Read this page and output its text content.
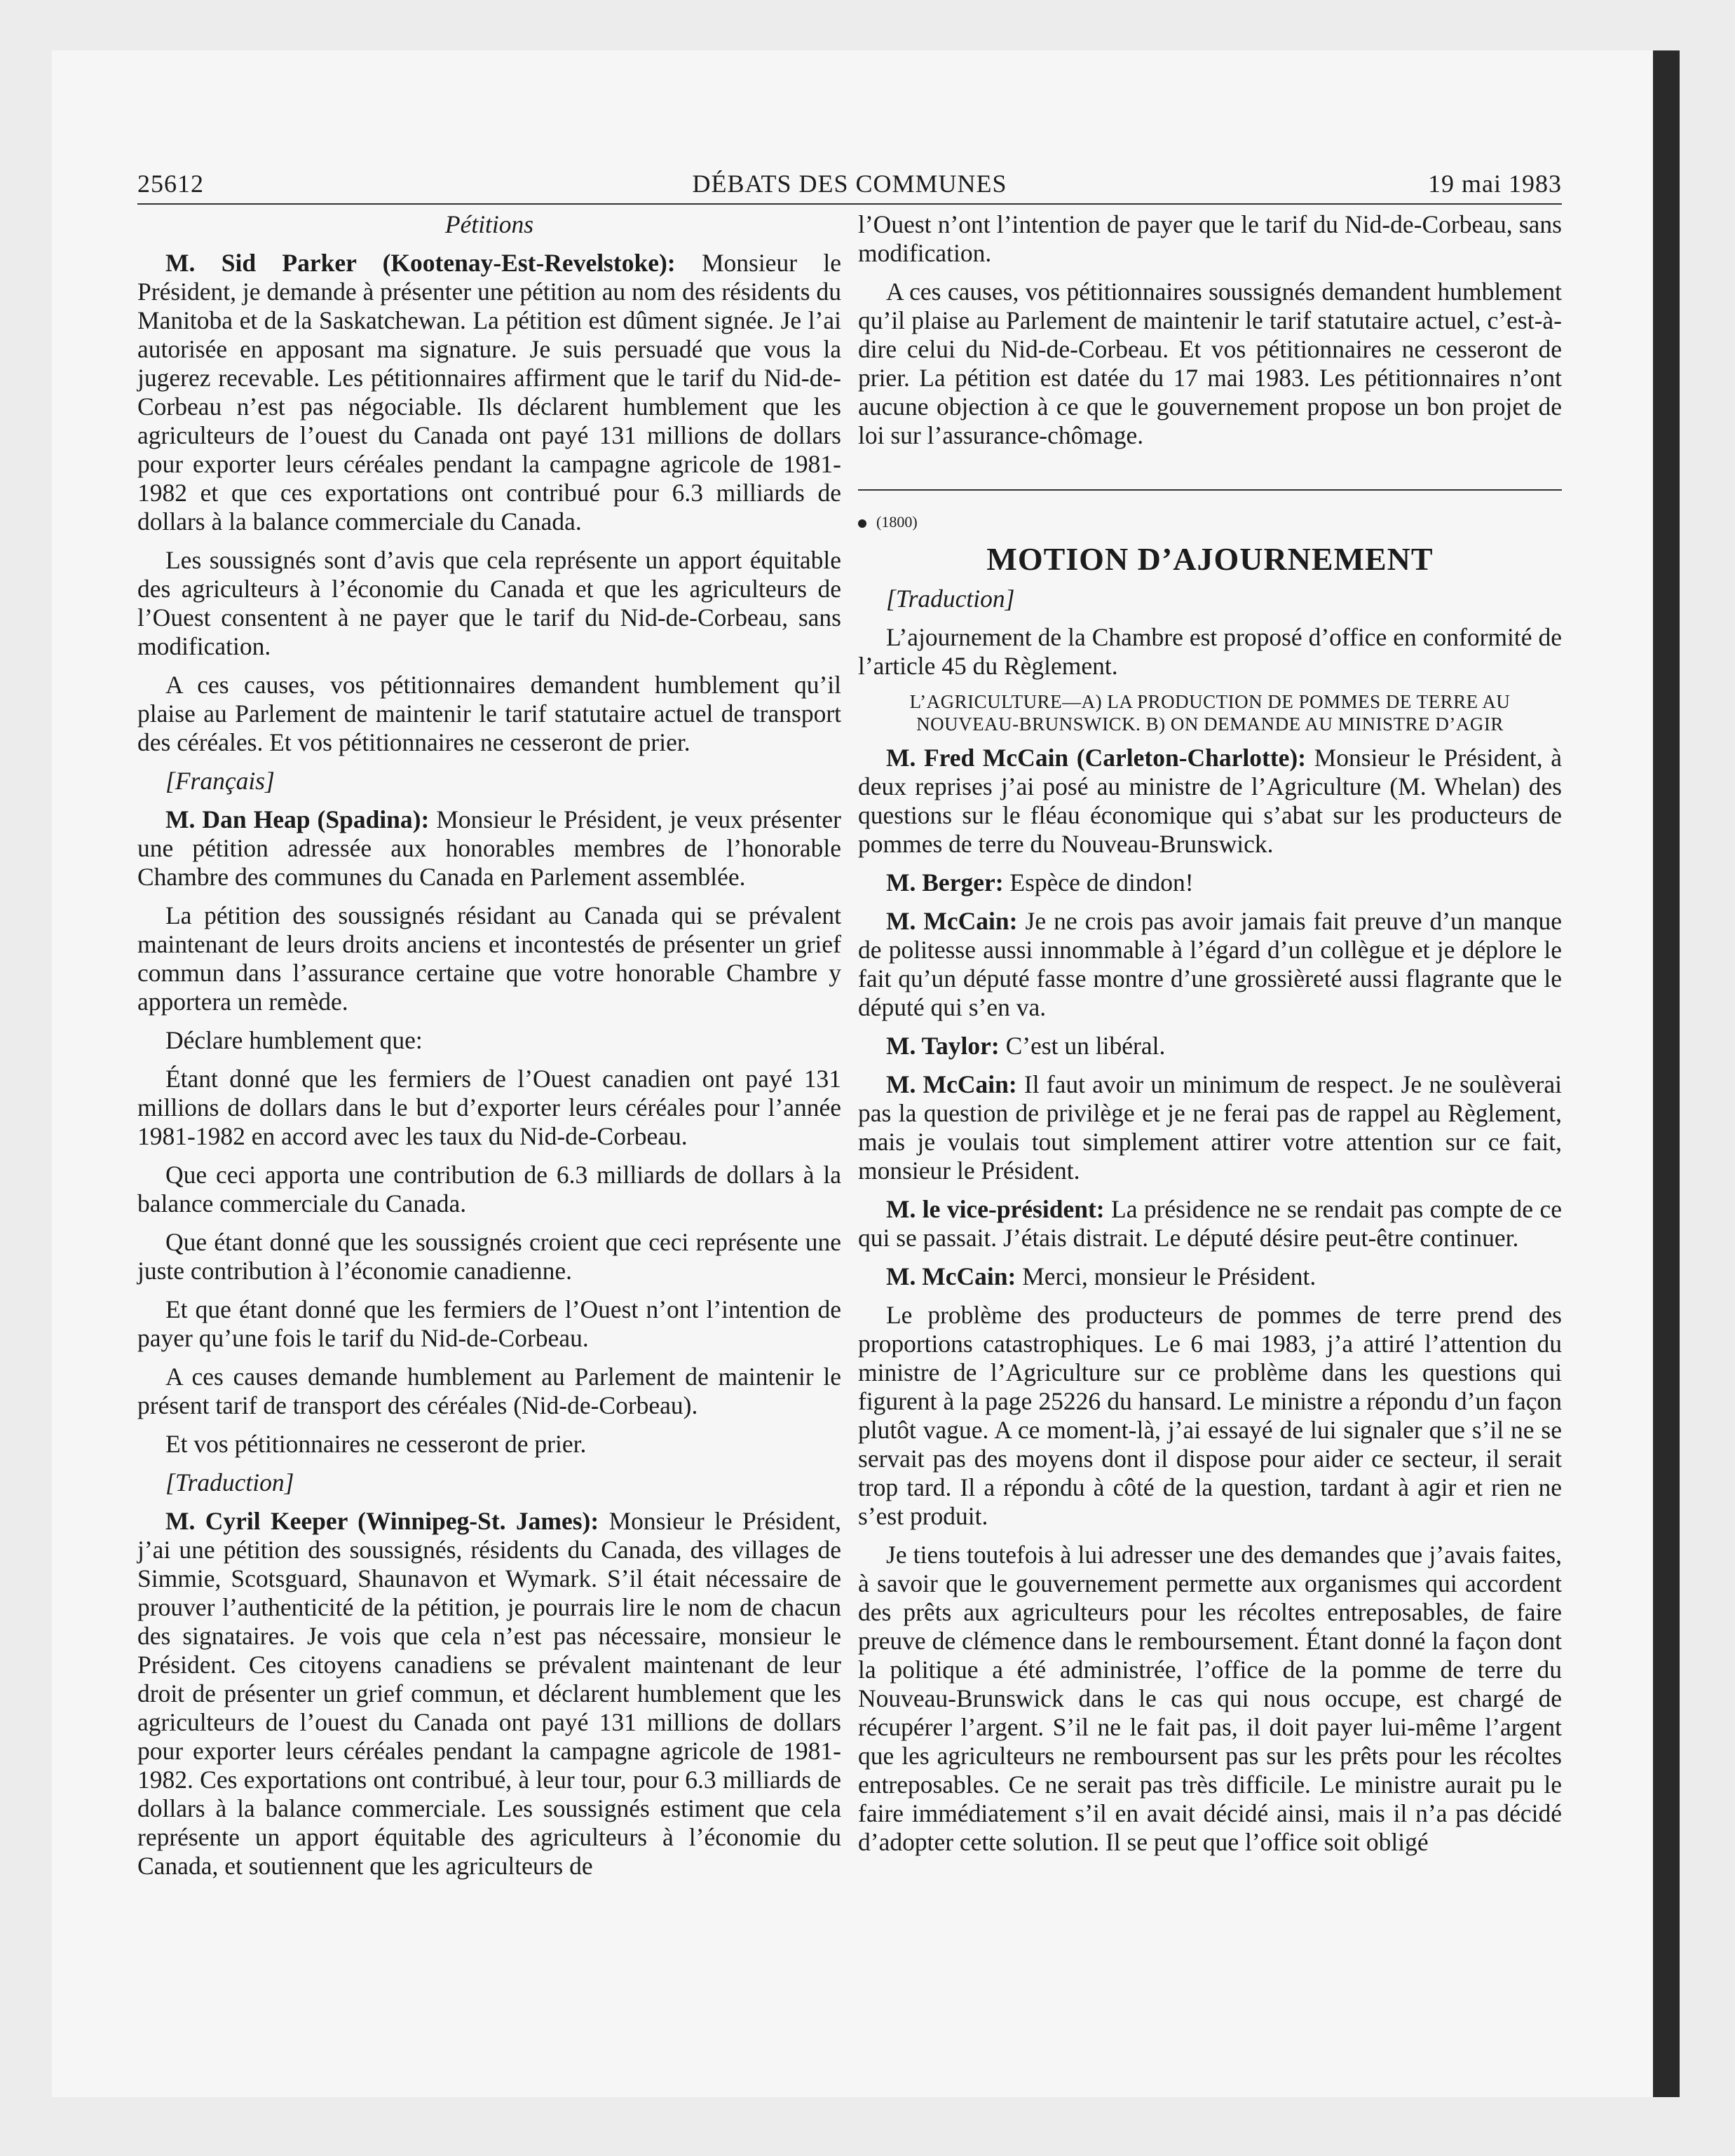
25612	DÉBATS DES COMMUNES	19 mai 1983
Pétitions

M. Sid Parker (Kootenay-Est-Revelstoke): Monsieur le Président, je demande à présenter une pétition au nom des résidents du Manitoba et de la Saskatchewan. La pétition est dûment signée. Je l’ai autorisée en apposant ma signature. Je suis persuadé que vous la jugerez recevable. Les pétitionnaires affirment que le tarif du Nid-de-Corbeau n’est pas négociable. Ils déclarent humblement que les agriculteurs de l’ouest du Canada ont payé 131 millions de dollars pour exporter leurs céréales pendant la campagne agricole de 1981-1982 et que ces exportations ont contribué pour 6.3 milliards de dollars à la balance commerciale du Canada.

Les soussignés sont d’avis que cela représente un apport équitable des agriculteurs à l’économie du Canada et que les agriculteurs de l’Ouest consentent à ne payer que le tarif du Nid-de-Corbeau, sans modification.

A ces causes, vos pétitionnaires demandent humblement qu’il plaise au Parlement de maintenir le tarif statutaire actuel de transport des céréales. Et vos pétitionnaires ne cesseront de prier.

[Français]

M. Dan Heap (Spadina): Monsieur le Président, je veux présenter une pétition adressée aux honorables membres de l’honorable Chambre des communes du Canada en Parlement assemblée.

La pétition des soussignés résidant au Canada qui se prévalent maintenant de leurs droits anciens et incontestés de présenter un grief commun dans l’assurance certaine que votre honorable Chambre y apportera un remède.

Déclare humblement que:

Étant donné que les fermiers de l’Ouest canadien ont payé 131 millions de dollars dans le but d’exporter leurs céréales pour l’année 1981-1982 en accord avec les taux du Nid-de-Corbeau.

Que ceci apporta une contribution de 6.3 milliards de dollars à la balance commerciale du Canada.

Que étant donné que les soussignés croient que ceci représente une juste contribution à l’économie canadienne.

Et que étant donné que les fermiers de l’Ouest n’ont l’intention de payer qu’une fois le tarif du Nid-de-Corbeau.

A ces causes demande humblement au Parlement de maintenir le présent tarif de transport des céréales (Nid-de-Corbeau).

Et vos pétitionnaires ne cesseront de prier.

[Traduction]

M. Cyril Keeper (Winnipeg-St. James): Monsieur le Président, j’ai une pétition des soussignés, résidents du Canada, des villages de Simmie, Scotsguard, Shaunavon et Wymark. S’il était nécessaire de prouver l’authenticité de la pétition, je pourrais lire le nom de chacun des signataires. Je vois que cela n’est pas nécessaire, monsieur le Président. Ces citoyens canadiens se prévalent maintenant de leur droit de présenter un grief commun, et déclarent humblement que les agriculteurs de l’ouest du Canada ont payé 131 millions de dollars pour exporter leurs céréales pendant la campagne agricole de 1981-1982. Ces exportations ont contribué, à leur tour, pour 6.3 milliards de dollars à la balance commerciale. Les soussignés estiment que cela représente un apport équitable des agriculteurs à l’économie du Canada, et soutiennent que les agriculteurs de

l’Ouest n’ont l’intention de payer que le tarif du Nid-de-Corbeau, sans modification.

A ces causes, vos pétitionnaires soussignés demandent humblement qu’il plaise au Parlement de maintenir le tarif statutaire actuel, c’est-à-dire celui du Nid-de-Corbeau. Et vos pétitionnaires ne cesseront de prier. La pétition est datée du 17 mai 1983. Les pétitionnaires n’ont aucune objection à ce que le gouvernement propose un bon projet de loi sur l’assurance-chômage.

(1800)
MOTION D’AJOURNEMENT

[Traduction]

L’ajournement de la Chambre est proposé d’office en conformité de l’article 45 du Règlement.

L’AGRICULTURE—A) LA PRODUCTION DE POMMES DE TERRE AU
NOUVEAU-BRUNSWICK. B) ON DEMANDE AU MINISTRE D’AGIR

M. Fred McCain (Carleton-Charlotte): Monsieur le Président, à deux reprises j’ai posé au ministre de l’Agriculture (M. Whelan) des questions sur le fléau économique qui s’abat sur les producteurs de pommes de terre du Nouveau-Brunswick.

M. Berger: Espèce de dindon!

M. McCain: Je ne crois pas avoir jamais fait preuve d’un manque de politesse aussi innommable à l’égard d’un collègue et je déplore le fait qu’un député fasse montre d’une grossièreté aussi flagrante que le député qui s’en va.

M. Taylor: C’est un libéral.

M. McCain: Il faut avoir un minimum de respect. Je ne soulèverai pas la question de privilège et je ne ferai pas de rappel au Règlement, mais je voulais tout simplement attirer votre attention sur ce fait, monsieur le Président.

M. le vice-président: La présidence ne se rendait pas compte de ce qui se passait. J’étais distrait. Le député désire peut-être continuer.

M. McCain: Merci, monsieur le Président.

Le problème des producteurs de pommes de terre prend des proportions catastrophiques. Le 6 mai 1983, j’a attiré l’attention du ministre de l’Agriculture sur ce problème dans les questions qui figurent à la page 25226 du hansard. Le ministre a répondu d’un façon plutôt vague. A ce moment-là, j’ai essayé de lui signaler que s’il ne se servait pas des moyens dont il dispose pour aider ce secteur, il serait trop tard. Il a répondu à côté de la question, tardant à agir et rien ne s’est produit.

Je tiens toutefois à lui adresser une des demandes que j’avais faites, à savoir que le gouvernement permette aux organismes qui accordent des prêts aux agriculteurs pour les récoltes entreposables, de faire preuve de clémence dans le remboursement. Étant donné la façon dont la politique a été administrée, l’office de la pomme de terre du Nouveau-Brunswick dans le cas qui nous occupe, est chargé de récupérer l’argent. S’il ne le fait pas, il doit payer lui-même l’argent que les agriculteurs ne remboursent pas sur les prêts pour les récoltes entreposables. Ce ne serait pas très difficile. Le ministre aurait pu le faire immédiatement s’il en avait décidé ainsi, mais il n’a pas décidé d’adopter cette solution. Il se peut que l’office soit obligé
